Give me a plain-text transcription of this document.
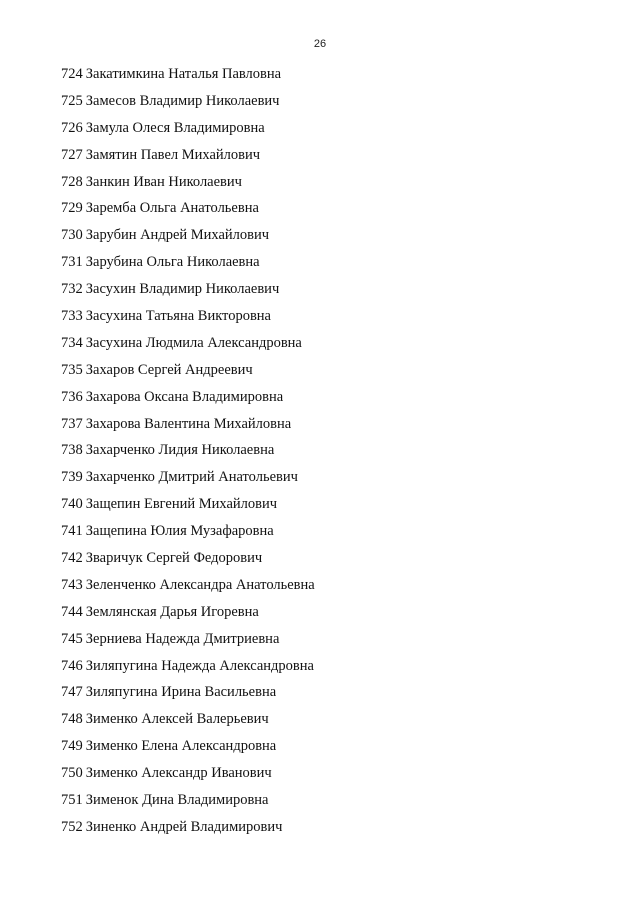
26
724 Закатимкина Наталья Павловна
725 Замесов Владимир Николаевич
726 Замула Олеся Владимировна
727 Замятин Павел Михайлович
728 Занкин Иван Николаевич
729 Заремба Ольга Анатольевна
730 Зарубин Андрей Михайлович
731 Зарубина Ольга Николаевна
732 Засухин Владимир Николаевич
733 Засухина Татьяна Викторовна
734 Засухина Людмила Александровна
735 Захаров Сергей Андреевич
736 Захарова Оксана Владимировна
737 Захарова Валентина Михайловна
738 Захарченко Лидия Николаевна
739 Захарченко Дмитрий Анатольевич
740 Защепин Евгений Михайлович
741 Защепина Юлия Музафаровна
742 Зваричук Сергей Федорович
743 Зеленченко Александра Анатольевна
744 Землянская Дарья Игоревна
745 Зерниева Надежда Дмитриевна
746 Зиляпугина Надежда Александровна
747 Зиляпугина Ирина Васильевна
748 Зименко Алексей Валерьевич
749 Зименко Елена Александровна
750 Зименко Александр Иванович
751 Зименок Дина Владимировна
752 Зиненко Андрей Владимирович
